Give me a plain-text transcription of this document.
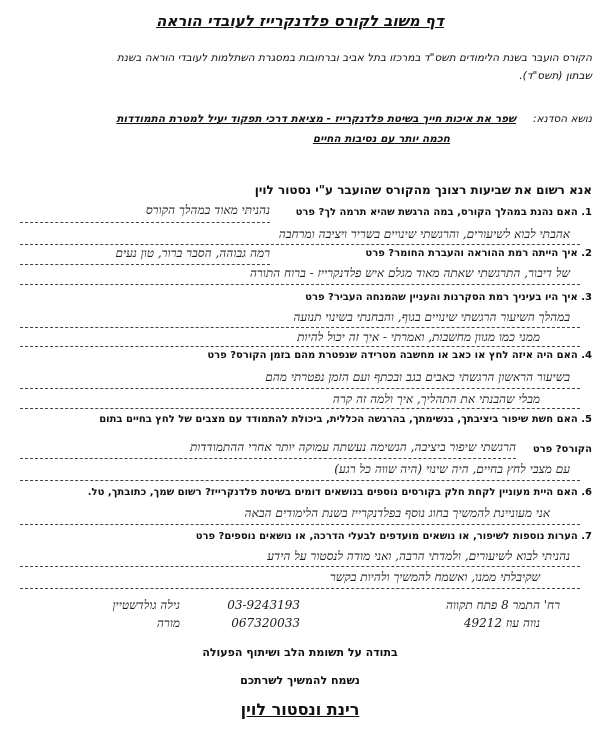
דף משוב לקורס פלדנקרייז לעובדי הוראה
הקורס הועבר בשנת הלימודים תשס"ד במרכזו בתל אביב וברחובות במסגרת השתלמות לעובדי הוראה בשנת
שבתון (תשס"ד).
נושא הסדנא:
שפר את איכות חייך בשיטת פלדנקרייז - מציאת דרכי תפקוד יעיל למטרת התמודדות
חכמה יותר עם נסיבות החיים
אנא רשום את שביעות רצונך מהקורס שהועבר ע"י נסטור לוין
1. האם נהנת במהלך הקורס, במה הרגשת שהיא תרמה לך? פרט
נהניתי מאוד במהלך הקורס
אהבתי לבוא לשיעורים, והרגשתי שינויים בשריר ויציבה ומרחבה
2. איך הייתה רמת ההוראה והעברת החומר? פרט
רמה גבוהה, הסבר ברור, טון נעים
של דיבור, התרגשתי שאתה מאוד מגלם איש פלדנקרייז - ברוח התורה
3. איך היו בעיניך רמת הסקרנות והעניין שהמנחה העביר? פרט
במהלך השיעור הרגשתי שינויים בגוף, והבחנתי בשינוי תנועה
ממני כמו מגוון מחשבות, ואמרתי - איך זה יכול להיות
4. האם היה איזה לחץ או כאב או מחשבה מטרידה שנפטרת מהם בזמן הקורס? פרט
בשיעור הראשון הרגשתי כאבים בגב ובכתף ועם הזמן נפטרתי מהם
מבלי שהבנתי את התהליך, איך ולמה זה קרה
5. האם חשת שיפור ביציבתך, בנשימתך, בהרגשה הכללית, ביכולת להתמודד עם מצבים של לחץ בחיים בתום
הקורס? פרט
הרגשתי שיפור ביציבה, הנשימה נעשתה עמוקה יותר אחרי ההתמודדות
עם מצבי לחץ בחיים, היה שינוי (היה שווה כל רגע)
6. האם היית מעוניין לקחת חלק בקורסים נוספים בנושאים דומים בשיטת פלדנקרייז? רשום שמך, כתובתך, טל.
אני מעוניינת להמשיך בחוג נוסף בפלדנקרייז בשנת הלימודים הבאה
7. הערות נוספות לשיפור, או נושאים מועדפים לבעלי הדרכה, או נושאים נוספים? פרט
נהניתי לבוא לשיעורים, ולמדתי הרבה, ואני מודה לנסטור על הידע
שקיבלתי ממנו, ואשמח להמשיך ולהיות בקשר
גילה גולדשטיין
מורה
03-9243193
067320033
רח' התמר 8 פתח תקווה
נווה עוז 49212
בתודה על תשומת הלב ושיתוף הפעולה
נשמח להמשיך לשרתכם
רינת ונסטור לוין
